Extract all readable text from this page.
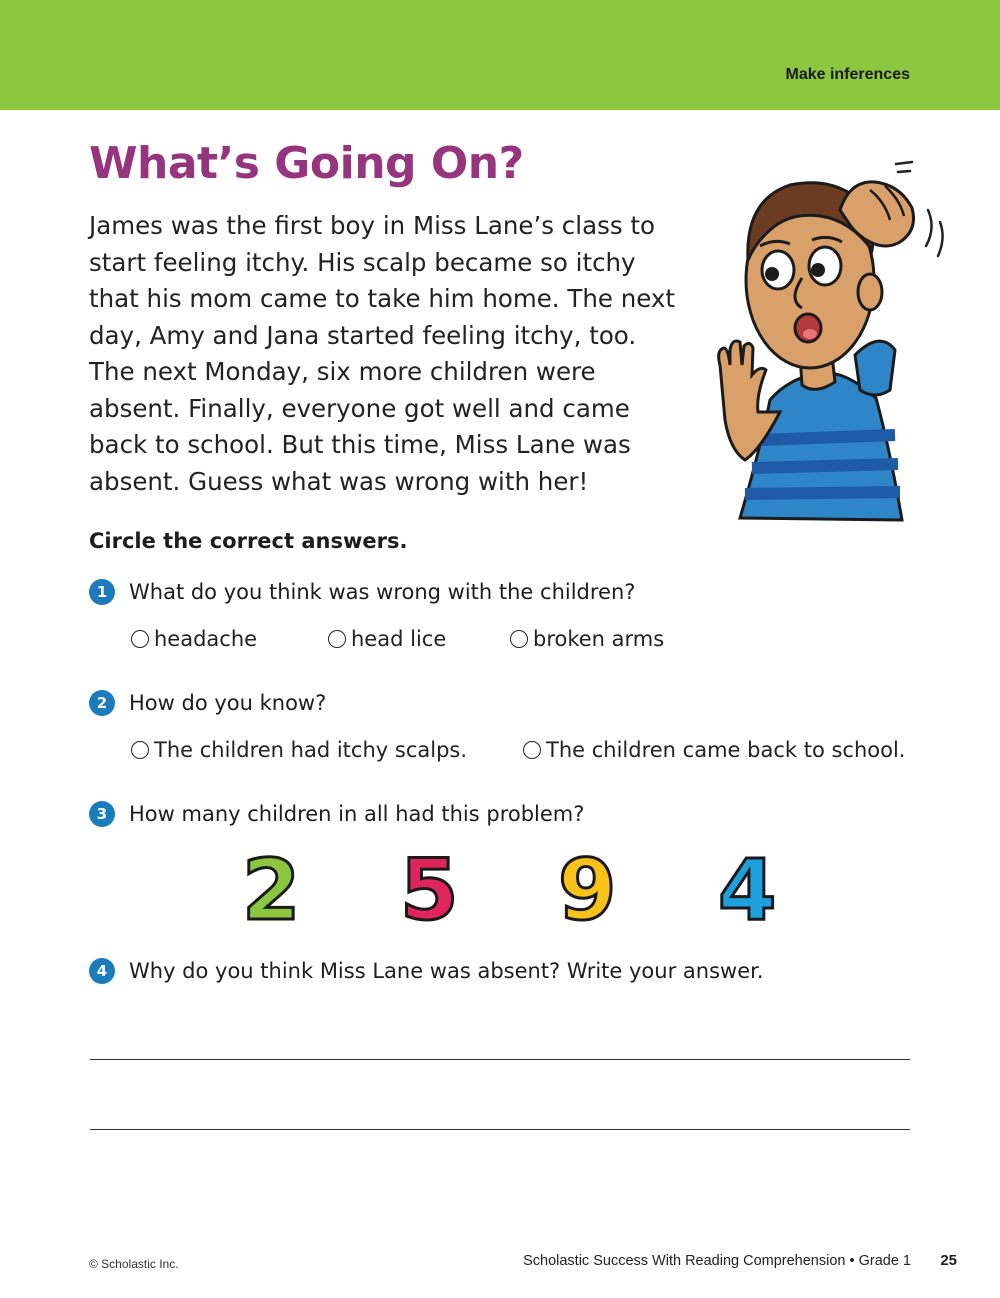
Make inferences
What’s Going On?

James was the first boy in Miss Lane’s class to start feeling itchy. His scalp became so itchy that his mom came to take him home. The next day, Amy and Jana started feeling itchy, too. The next Monday, six more children were absent. Finally, everyone got well and came back to school. But this time, Miss Lane was absent. Guess what was wrong with her!

Circle the correct answers.

1	What do you think was wrong with the children?
headache	head lice	broken arms
2	How do you know?
The children had itchy scalps.	The children came back to school.
3	How many children in all had this problem?
2 5 9 4
4	Why do you think Miss Lane was absent? Write your answer.
© Scholastic Inc.	Scholastic Success With Reading Comprehension • Grade 1 25
